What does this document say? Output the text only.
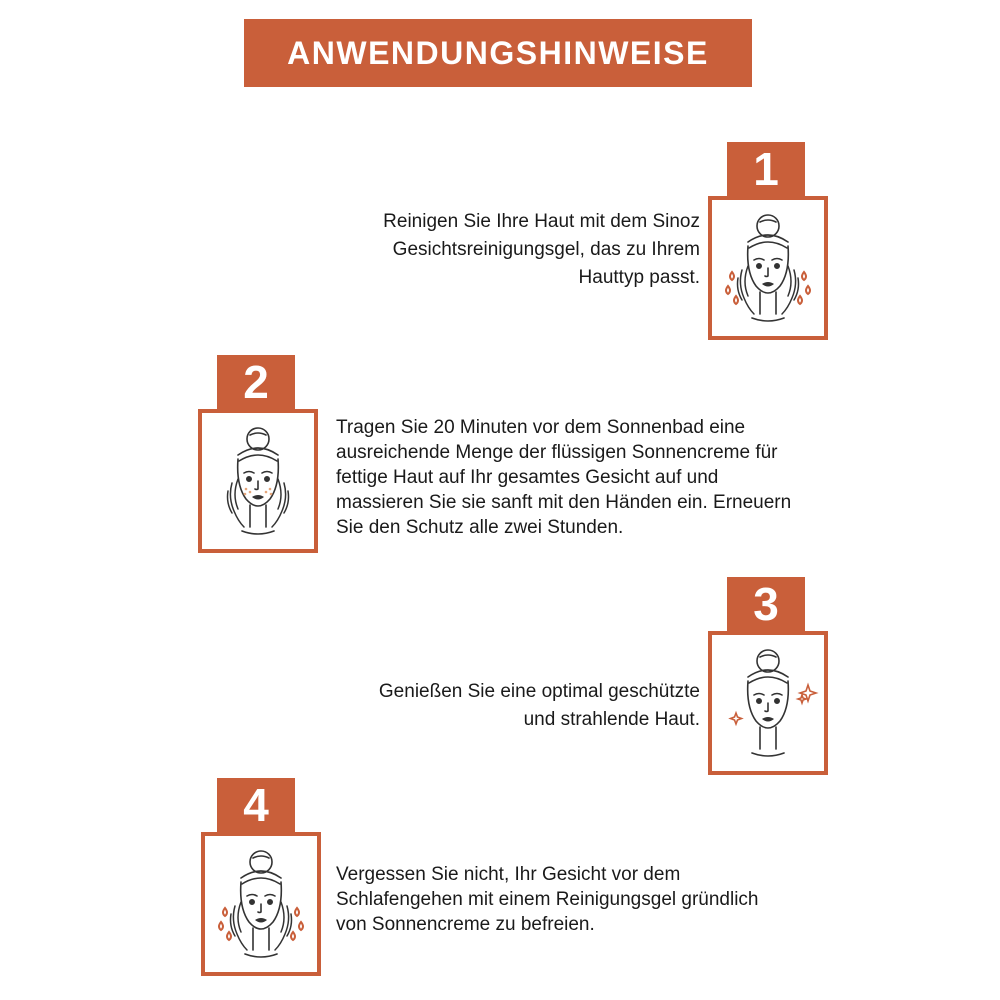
ANWENDUNGSHINWEISE
1
Reinigen Sie Ihre Haut mit dem Sinoz
Gesichtsreinigungsgel, das zu Ihrem
Hauttyp passt.
2
Tragen Sie 20 Minuten vor dem Sonnenbad eine
ausreichende Menge der flüssigen Sonnencreme für
fettige Haut auf Ihr gesamtes Gesicht auf und
massieren Sie sie sanft mit den Händen ein. Erneuern
Sie den Schutz alle zwei Stunden.
3
Genießen Sie eine optimal geschützte
und strahlende Haut.
4
Vergessen Sie nicht, Ihr Gesicht vor dem
Schlafengehen mit einem Reinigungsgel gründlich
von Sonnencreme zu befreien.
